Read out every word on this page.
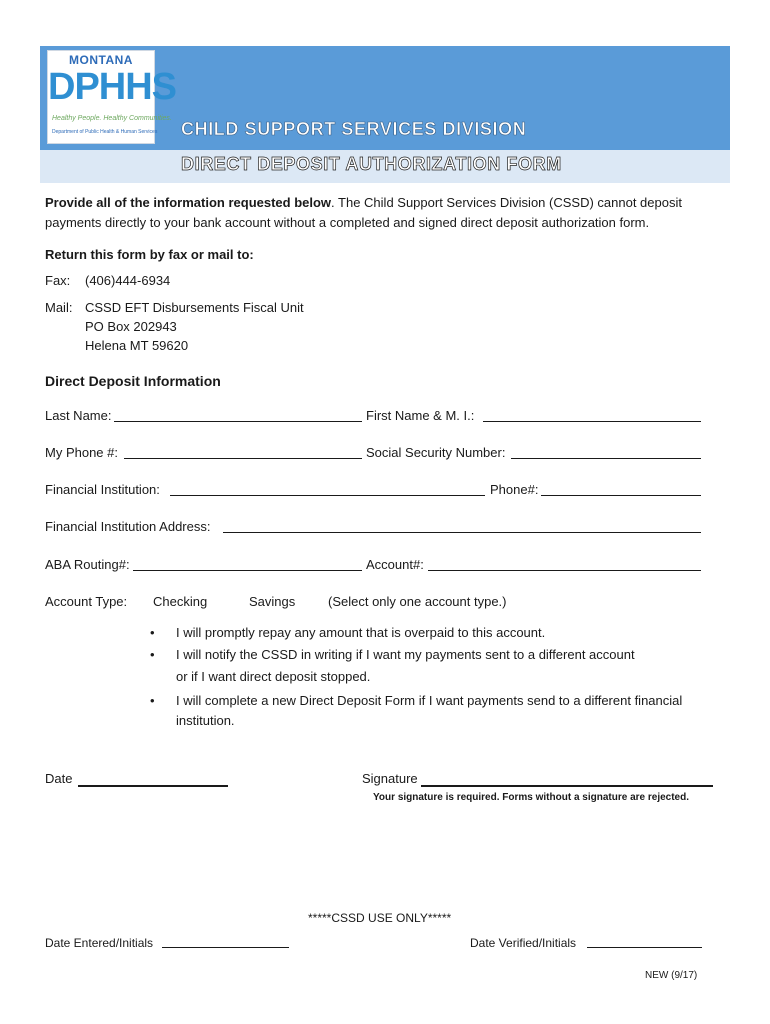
MONTANA
DPHHS
Healthy People. Healthy Communities.
Department of Public Health & Human Services CHILD SUPPORT SERVICES DIVISION
DIRECT DEPOSIT AUTHORIZATION FORM
Provide all of the information requested below. The Child Support Services Division (CSSD) cannot deposit payments directly to your bank account without a completed and signed direct deposit authorization form.
Return this form by fax or mail to:
Fax: (406)444-6934
Mail: CSSD EFT Disbursements Fiscal Unit
PO Box 202943
Helena MT 59620
Direct Deposit Information
Last Name:	First Name & M. I.:
My Phone #:	Social Security Number:
Financial Institution:	Phone#:
Financial Institution Address:
ABA Routing#:	Account#:
Account Type: Checking	Savings	(Select only one account type.)
• I will promptly repay any amount that is overpaid to this account.
• I will notify the CSSD in writing if I want my payments sent to a different account
or if I want direct deposit stopped.
• I will complete a new Direct Deposit Form if I want payments send to a different financial
institution.
Date	Signature
Your signature is required. Forms without a signature are rejected.
*****CSSD USE ONLY*****
Date Entered/Initials	Date Verified/Initials
NEW (9/17)
